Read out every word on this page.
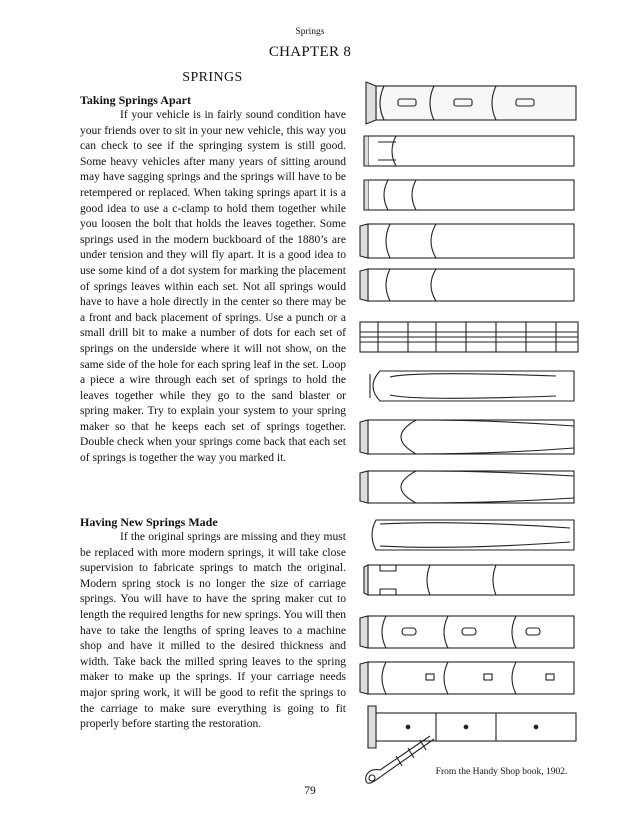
Springs
CHAPTER 8
SPRINGS
Taking Springs Apart

If your vehicle is in fairly sound condition have your friends over to sit in your new vehicle, this way you can check to see if the springing system is still good. Some heavy vehicles after many years of sitting around may have sagging springs and the springs will have to be retempered or replaced. When taking springs apart it is a good idea to use a c-clamp to hold them together while you loosen the bolt that holds the leaves together. Some springs used in the modern buckboard of the 1880’s are under tension and they will fly apart. It is a good idea to use some kind of a dot system for marking the placement of springs leaves within each set. Not all springs would have to have a hole directly in the center so there may be a front and back placement of springs. Use a punch or a small drill bit to make a number of dots for each set of springs on the underside where it will not show, on the same side of the hole for each spring leaf in the set. Loop a piece a wire through each set of springs to hold the leaves together while they go to the sand blaster or spring maker. Try to explain your system to your spring maker so that he keeps each set of springs together. Double check when your springs come back that each set of springs is together the way you marked it.

Having New Springs Made

If the original springs are missing and they must be replaced with more modern springs, it will take close supervision to fabricate springs to match the original. Modern spring stock is no longer the size of carriage springs. You will have to have the spring maker cut to length the required lengths for new springs. You will then have to take the lengths of spring leaves to a machine shop and have it milled to the desired thickness and width. Take back the milled spring leaves to the spring maker to make up the springs. If your carriage needs major spring work, it will be good to refit the springs to the carriage to make sure everything is going to fit properly before starting the restoration.

From the Handy Shop book, 1902.
79
